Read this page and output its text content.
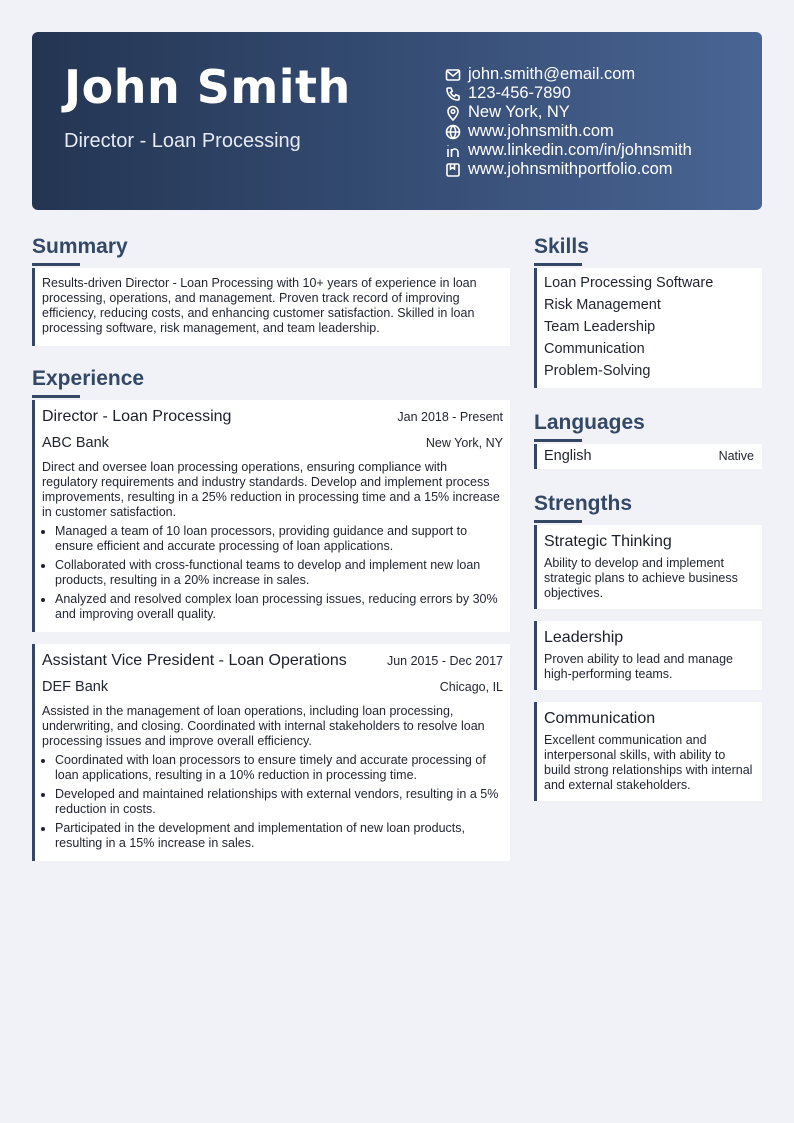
John Smith

Director - Loan Processing

john.smith@email.com
123-456-7890
New York, NY
www.johnsmith.com
www.linkedin.com/in/johnsmith
www.johnsmithportfolio.com
Summary
Results-driven Director - Loan Processing with 10+ years of experience in loan processing, operations, and management. Proven track record of improving efficiency, reducing costs, and enhancing customer satisfaction. Skilled in loan processing software, risk management, and team leadership.
Experience
Director - Loan Processing	Jan 2018 - Present
ABC Bank	New York, NY
Direct and oversee loan processing operations, ensuring compliance with regulatory requirements and industry standards. Develop and implement process improvements, resulting in a 25% reduction in processing time and a 15% increase in customer satisfaction.
• Managed a team of 10 loan processors, providing guidance and support to ensure efficient and accurate processing of loan applications.
• Collaborated with cross-functional teams to develop and implement new loan products, resulting in a 20% increase in sales.
• Analyzed and resolved complex loan processing issues, reducing errors by 30% and improving overall quality.
Assistant Vice President - Loan Operations	Jun 2015 - Dec 2017
DEF Bank	Chicago, IL
Assisted in the management of loan operations, including loan processing, underwriting, and closing. Coordinated with internal stakeholders to resolve loan processing issues and improve overall efficiency.
• Coordinated with loan processors to ensure timely and accurate processing of loan applications, resulting in a 10% reduction in processing time.
• Developed and maintained relationships with external vendors, resulting in a 5% reduction in costs.
• Participated in the development and implementation of new loan products, resulting in a 15% increase in sales.
Skills
Loan Processing Software
Risk Management
Team Leadership
Communication
Problem-Solving
Languages
English	Native
Strengths
Strategic Thinking
Ability to develop and implement strategic plans to achieve business objectives.
Leadership
Proven ability to lead and manage high-performing teams.
Communication
Excellent communication and interpersonal skills, with ability to build strong relationships with internal and external stakeholders.
